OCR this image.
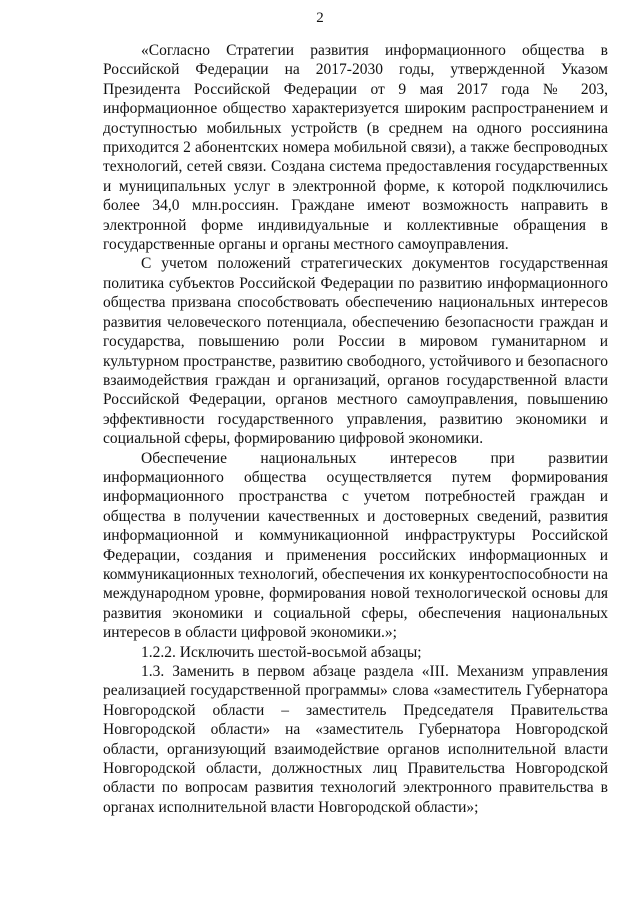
2

«Согласно Стратегии развития информационного общества в Российской Федерации на 2017-2030 годы, утвержденной Указом Президента Российской Федерации от 9 мая 2017 года № 203, информационное общество характеризуется широким распространением и доступностью мобильных устройств (в среднем на одного россиянина приходится 2 абонентских номера мобильной связи), а также беспроводных технологий, сетей связи. Создана система предоставления государственных и муниципальных услуг в электронной форме, к которой подключились более 34,0 млн.россиян. Граждане имеют возможность направить в электронной форме индивидуальные и коллективные обращения в государственные органы и органы местного самоуправления.

С учетом положений стратегических документов государственная политика субъектов Российской Федерации по развитию информационного общества призвана способствовать обеспечению национальных интересов развития человеческого потенциала, обеспечению безопасности граждан и государства, повышению роли России в мировом гуманитарном и культурном пространстве, развитию свободного, устойчивого и безопасного взаимодействия граждан и организаций, органов государственной власти Российской Федерации, органов местного самоуправления, повышению эффективности государственного управления, развитию экономики и социальной сферы, формированию цифровой экономики.

Обеспечение национальных интересов при развитии информационного общества осуществляется путем формирования информационного пространства с учетом потребностей граждан и общества в получении качественных и достоверных сведений, развития информационной и коммуникационной инфраструктуры Российской Федерации, создания и применения российских информационных и коммуникационных технологий, обеспечения их конкурентоспособности на международном уровне, формирования новой технологической основы для развития экономики и социальной сферы, обеспечения национальных интересов в области цифровой экономики.»;

1.2.2. Исключить шестой-восьмой абзацы;

1.3. Заменить в первом абзаце раздела «III. Механизм управления реализацией государственной программы» слова «заместитель Губернатора Новгородской области – заместитель Председателя Правительства Новгородской области» на «заместитель Губернатора Новгородской области, организующий взаимодействие органов исполнительной власти Новгородской области, должностных лиц Правительства Новгородской области по вопросам развития технологий электронного правительства в органах исполнительной власти Новгородской области»;
